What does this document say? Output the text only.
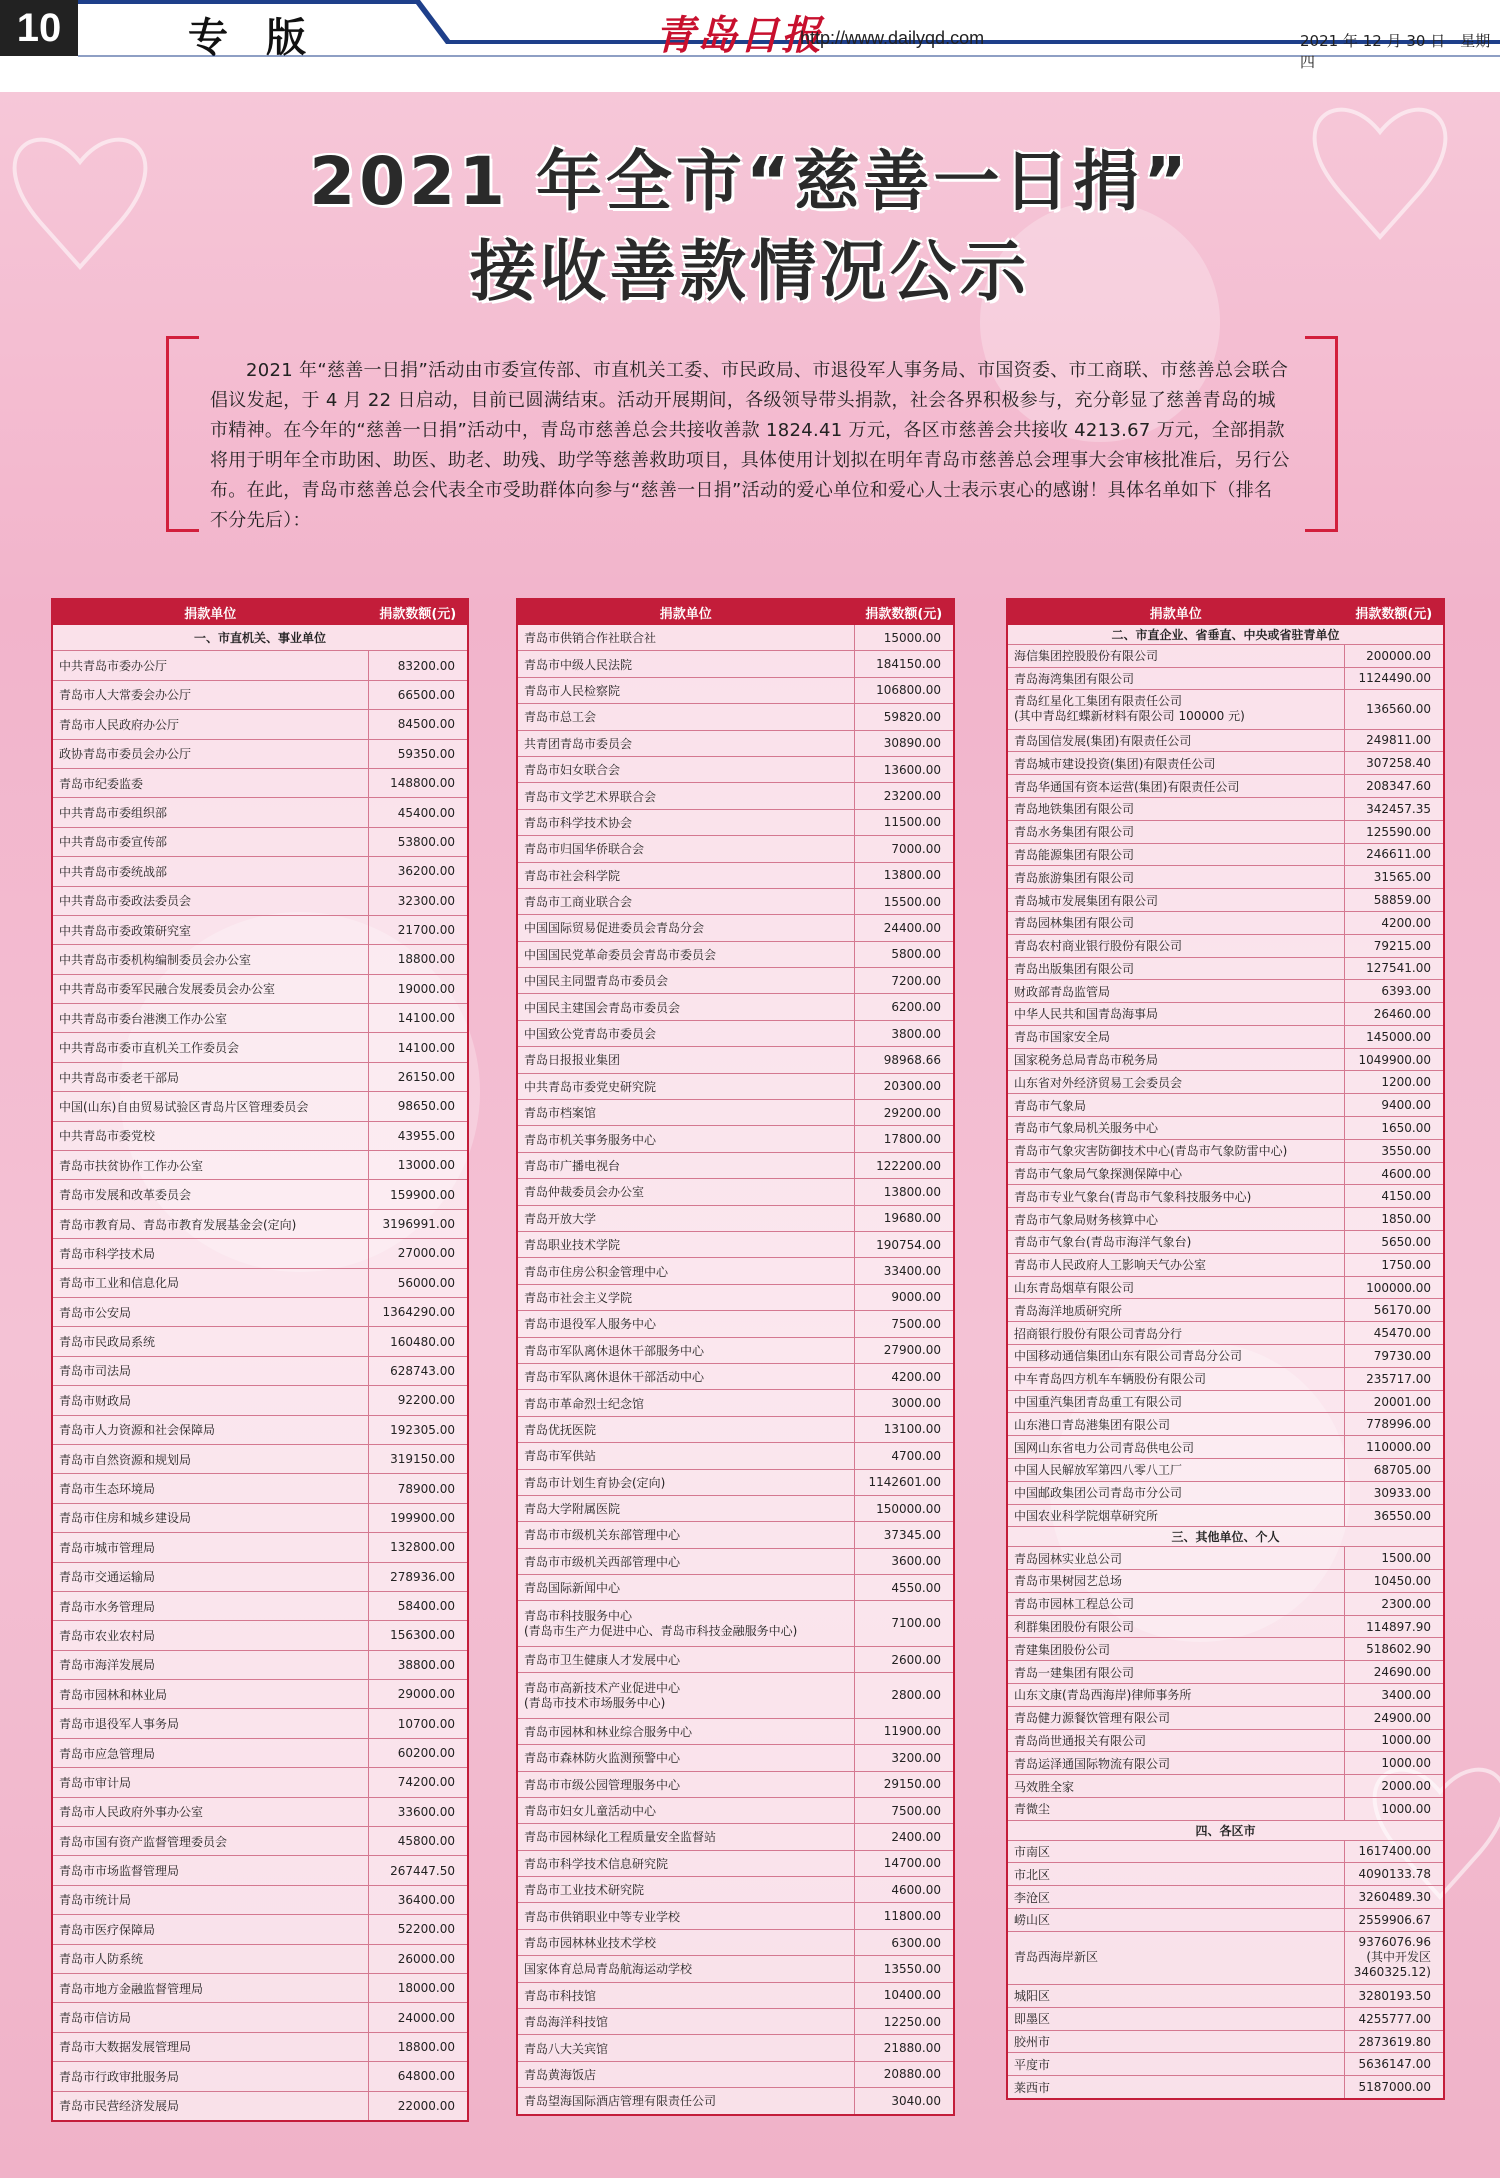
10	专版	青岛日报
http://www.dailyqd.com	2021 年 12 月 30 日　星期四
2021 年全市“慈善一日捐”
接收善款情况公示
2021 年“慈善一日捐”活动由市委宣传部、市直机关工委、市民政局、市退役军人事务局、市国资委、市工商联、市慈善总会联合倡议发起，于 4 月 22 日启动，目前已圆满结束。活动开展期间，各级领导带头捐款，社会各界积极参与，充分彰显了慈善青岛的城市精神。在今年的“慈善一日捐”活动中，青岛市慈善总会共接收善款 1824.41 万元，各区市慈善会共接收 4213.67 万元，全部捐款将用于明年全市助困、助医、助老、助残、助学等慈善救助项目，具体使用计划拟在明年青岛市慈善总会理事大会审核批准后，另行公布。在此，青岛市慈善总会代表全市受助群体向参与“慈善一日捐”活动的爱心单位和爱心人士表示衷心的感谢！具体名单如下（排名不分先后）：
捐款单位	捐款数额(元)
一、市直机关、事业单位	

中共青岛市委办公厅	83200.00

青岛市人大常委会办公厅	66500.00

青岛市人民政府办公厅	84500.00

政协青岛市委员会办公厅	59350.00

青岛市纪委监委	148800.00

中共青岛市委组织部	45400.00

中共青岛市委宣传部	53800.00

中共青岛市委统战部	36200.00

中共青岛市委政法委员会	32300.00

中共青岛市委政策研究室	21700.00

中共青岛市委机构编制委员会办公室	18800.00

中共青岛市委军民融合发展委员会办公室	19000.00

中共青岛市委台港澳工作办公室	14100.00

中共青岛市委市直机关工作委员会	14100.00

中共青岛市委老干部局	26150.00

中国(山东)自由贸易试验区青岛片区管理委员会	98650.00

中共青岛市委党校	43955.00

青岛市扶贫协作工作办公室	13000.00

青岛市发展和改革委员会	159900.00

青岛市教育局、青岛市教育发展基金会(定向)	3196991.00

青岛市科学技术局	27000.00

青岛市工业和信息化局	56000.00

青岛市公安局	1364290.00

青岛市民政局系统	160480.00

青岛市司法局	628743.00

青岛市财政局	92200.00

青岛市人力资源和社会保障局	192305.00

青岛市自然资源和规划局	319150.00

青岛市生态环境局	78900.00

青岛市住房和城乡建设局	199900.00

青岛市城市管理局	132800.00

青岛市交通运输局	278936.00

青岛市水务管理局	58400.00

青岛市农业农村局	156300.00

青岛市海洋发展局	38800.00

青岛市园林和林业局	29000.00

青岛市退役军人事务局	10700.00

青岛市应急管理局	60200.00

青岛市审计局	74200.00

青岛市人民政府外事办公室	33600.00

青岛市国有资产监督管理委员会	45800.00

青岛市市场监督管理局	267447.50

青岛市统计局	36400.00

青岛市医疗保障局	52200.00

青岛市人防系统	26000.00

青岛市地方金融监督管理局	18000.00

青岛市信访局	24000.00

青岛市大数据发展管理局	18800.00

青岛市行政审批服务局	64800.00

青岛市民营经济发展局	22000.00
捐款单位	捐款数额(元)

青岛市供销合作社联合社	15000.00

青岛市中级人民法院	184150.00

青岛市人民检察院	106800.00

青岛市总工会	59820.00

共青团青岛市委员会	30890.00

青岛市妇女联合会	13600.00

青岛市文学艺术界联合会	23200.00

青岛市科学技术协会	11500.00

青岛市归国华侨联合会	7000.00

青岛市社会科学院	13800.00

青岛市工商业联合会	15500.00

中国国际贸易促进委员会青岛分会	24400.00

中国国民党革命委员会青岛市委员会	5800.00

中国民主同盟青岛市委员会	7200.00

中国民主建国会青岛市委员会	6200.00

中国致公党青岛市委员会	3800.00

青岛日报报业集团	98968.66

中共青岛市委党史研究院	20300.00

青岛市档案馆	29200.00

青岛市机关事务服务中心	17800.00

青岛市广播电视台	122200.00

青岛仲裁委员会办公室	13800.00

青岛开放大学	19680.00

青岛职业技术学院	190754.00

青岛市住房公积金管理中心	33400.00

青岛市社会主义学院	9000.00

青岛市退役军人服务中心	7500.00

青岛市军队离休退休干部服务中心	27900.00

青岛市军队离休退休干部活动中心	4200.00

青岛市革命烈士纪念馆	3000.00

青岛优抚医院	13100.00

青岛市军供站	4700.00

青岛市计划生育协会(定向)	1142601.00

青岛大学附属医院	150000.00

青岛市市级机关东部管理中心	37345.00

青岛市市级机关西部管理中心	3600.00

青岛国际新闻中心	4550.00

青岛市科技服务中心
(青岛市生产力促进中心、青岛市科技金融服务中心)	7100.00

青岛市卫生健康人才发展中心	2600.00

青岛市高新技术产业促进中心
(青岛市技术市场服务中心)	2800.00

青岛市园林和林业综合服务中心	11900.00

青岛市森林防火监测预警中心	3200.00

青岛市市级公园管理服务中心	29150.00

青岛市妇女儿童活动中心	7500.00

青岛市园林绿化工程质量安全监督站	2400.00

青岛市科学技术信息研究院	14700.00

青岛市工业技术研究院	4600.00

青岛市供销职业中等专业学校	11800.00

青岛市园林林业技术学校	6300.00

国家体育总局青岛航海运动学校	13550.00

青岛市科技馆	10400.00

青岛海洋科技馆	12250.00

青岛八大关宾馆	21880.00

青岛黄海饭店	20880.00

青岛望海国际酒店管理有限责任公司	3040.00
捐款单位	捐款数额(元)
二、市直企业、省垂直、中央或省驻青单位	

海信集团控股股份有限公司	200000.00

青岛海湾集团有限公司	1124490.00

青岛红星化工集团有限责任公司
(其中青岛红蝶新材料有限公司 100000 元)	136560.00

青岛国信发展(集团)有限责任公司	249811.00

青岛城市建设投资(集团)有限责任公司	307258.40

青岛华通国有资本运营(集团)有限责任公司	208347.60

青岛地铁集团有限公司	342457.35

青岛水务集团有限公司	125590.00

青岛能源集团有限公司	246611.00

青岛旅游集团有限公司	31565.00

青岛城市发展集团有限公司	58859.00

青岛园林集团有限公司	4200.00

青岛农村商业银行股份有限公司	79215.00

青岛出版集团有限公司	127541.00

财政部青岛监管局	6393.00

中华人民共和国青岛海事局	26460.00

青岛市国家安全局	145000.00

国家税务总局青岛市税务局	1049900.00

山东省对外经济贸易工会委员会	1200.00

青岛市气象局	9400.00

青岛市气象局机关服务中心	1650.00

青岛市气象灾害防御技术中心(青岛市气象防雷中心)	3550.00

青岛市气象局气象探测保障中心	4600.00

青岛市专业气象台(青岛市气象科技服务中心)	4150.00

青岛市气象局财务核算中心	1850.00

青岛市气象台(青岛市海洋气象台)	5650.00

青岛市人民政府人工影响天气办公室	1750.00

山东青岛烟草有限公司	100000.00

青岛海洋地质研究所	56170.00

招商银行股份有限公司青岛分行	45470.00

中国移动通信集团山东有限公司青岛分公司	79730.00

中车青岛四方机车车辆股份有限公司	235717.00

中国重汽集团青岛重工有限公司	20001.00

山东港口青岛港集团有限公司	778996.00

国网山东省电力公司青岛供电公司	110000.00

中国人民解放军第四八零八工厂	68705.00

中国邮政集团公司青岛市分公司	30933.00

中国农业科学院烟草研究所	36550.00

三、其他单位、个人	

青岛园林实业总公司	1500.00

青岛市果树园艺总场	10450.00

青岛市园林工程总公司	2300.00

利群集团股份有限公司	114897.90

青建集团股份公司	518602.90

青岛一建集团有限公司	24690.00

山东文康(青岛西海岸)律师事务所	3400.00

青岛健力源餐饮管理有限公司	24900.00

青岛尚世通报关有限公司	1000.00

青岛运泽通国际物流有限公司	1000.00

马效胜全家	2000.00

青微尘	1000.00

四、各区市	

市南区	1617400.00

市北区	4090133.78

李沧区	3260489.30

崂山区	2559906.67

青岛西海岸新区	9376076.96
(其中开发区
3460325.12)

城阳区	3280193.50

即墨区	4255777.00

胶州市	2873619.80

平度市	5636147.00

莱西市	5187000.00
